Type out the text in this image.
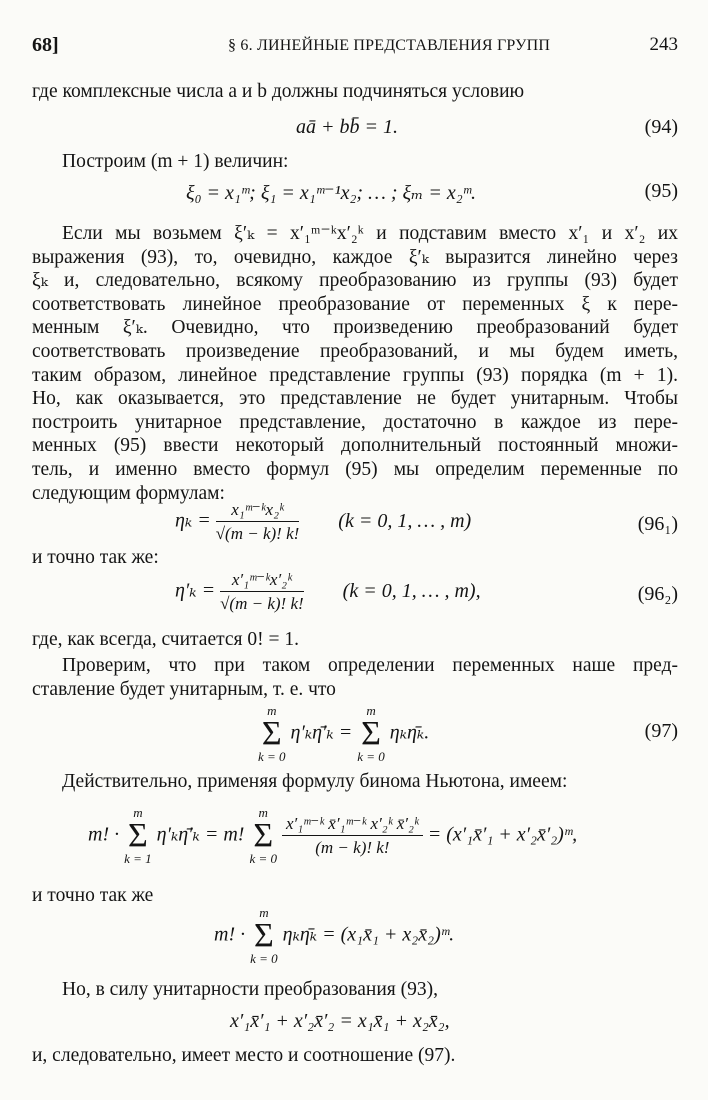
68]	§ 6. ЛИНЕЙНЫЕ ПРЕДСТАВЛЕНИЯ ГРУПП	243
где комплексные числа a и b должны подчиняться условию
aā + bb̄ = 1.	(94)
Построим (m + 1) величин:
ξ₀ = x₁ᵐ; ξ₁ = x₁ᵐ⁻¹x₂; … ; ξₘ = x₂ᵐ.	(95)
Если мы возьмем ξ′ₖ = x′₁ᵐ⁻ᵏx′₂ᵏ и подставим вместо x′₁ и x′₂ их
выражения (93), то, очевидно, каждое ξ′ₖ выразится линейно через
ξₖ и, следовательно, всякому преобразованию из группы (93) будет
соответствовать линейное преобразование от переменных ξ к пере-
менным ξ′ₖ. Очевидно, что произведению преобразований будет
соответствовать произведение преобразований, и мы будем иметь,
таким образом, линейное представление группы (93) порядка (m + 1).
Но, как оказывается, это представление не будет унитарным. Чтобы
построить унитарное представление, достаточно в каждое из пере-
менных (95) ввести некоторый дополнительный постоянный множи-
тель, и именно вместо формул (95) мы определим переменные по
следующим формулам:
$\eta_k = \frac{\text{x₁ᵐ⁻ᵏx₂ᵏ}}{√(m - k)! k!} (k = 0$, 1, … , m)	(96₁)
и точно так же:
$\eta'_k = \frac{\text{x′₁ᵐ⁻ᵏx′₂ᵏ}}{√(m - k)! k!} (k = 0$, 1, … , m),	(96₂)
где, как всегда, считается 0! = 1.
Проверим, что при таком определении переменных наше пред-
ставление будет унитарным, т. е. что
m
Σ
k = 0 η′ₖη̄′ₖ = m
Σ
k = 0 ηₖη̄ₖ.	(97)
Действительно, применяя формулу бинома Ньютона, имеем:
m! · m
Σ
k = 1 η′ₖη̄′ₖ = m! m
Σ
k = 0
$\frac{\text{x′₁ᵐ⁻ᵏ x̄′₁ᵐ⁻ᵏ x′₂ᵏ x̄′₂ᵏ}}{(m - k)! k!}$ = (x′₁x̄′₁ + x′₂x̄′₂)ᵐ,
и точно так же
m! · m
Σ
k = 0 ηₖη̄ₖ = (x₁x̄₁ + x₂x̄₂)ᵐ.
Но, в силу унитарности преобразования (93),
x′₁x̄′₁ + x′₂x̄′₂ = x₁x̄₁ + x₂x̄₂,
и, следовательно, имеет место и соотношение (97).
